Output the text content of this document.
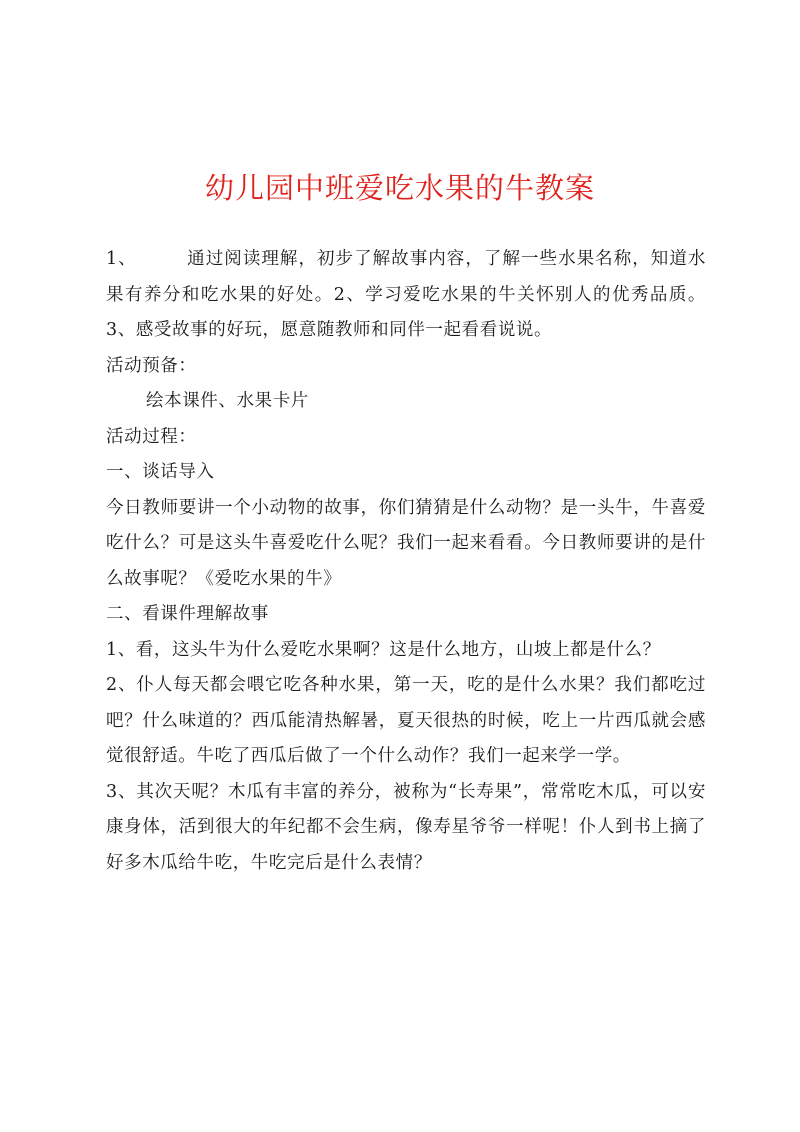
幼儿园中班爱吃水果的牛教案

1、	通过阅读理解，初步了解故事内容，了解一些水果名称，知道水果有养分和吃水果的好处。2、学习爱吃水果的牛关怀别人的优秀品质。3、感受故事的好玩，愿意随教师和同伴一起看看说说。

活动预备：

绘本课件、水果卡片

活动过程：

一、谈话导入

今日教师要讲一个小动物的故事，你们猜猜是什么动物？是一头牛，牛喜爱吃什么？可是这头牛喜爱吃什么呢？我们一起来看看。今日教师要讲的是什么故事呢？《爱吃水果的牛》

二、看课件理解故事

1、看，这头牛为什么爱吃水果啊？这是什么地方，山坡上都是什么？

2、仆人每天都会喂它吃各种水果，第一天，吃的是什么水果？我们都吃过吧？什么味道的？西瓜能清热解暑，夏天很热的时候，吃上一片西瓜就会感觉很舒适。牛吃了西瓜后做了一个什么动作？我们一起来学一学。

3、其次天呢？木瓜有丰富的养分，被称为“长寿果”，常常吃木瓜，可以安康身体，活到很大的年纪都不会生病，像寿星爷爷一样呢！仆人到书上摘了好多木瓜给牛吃，牛吃完后是什么表情？
